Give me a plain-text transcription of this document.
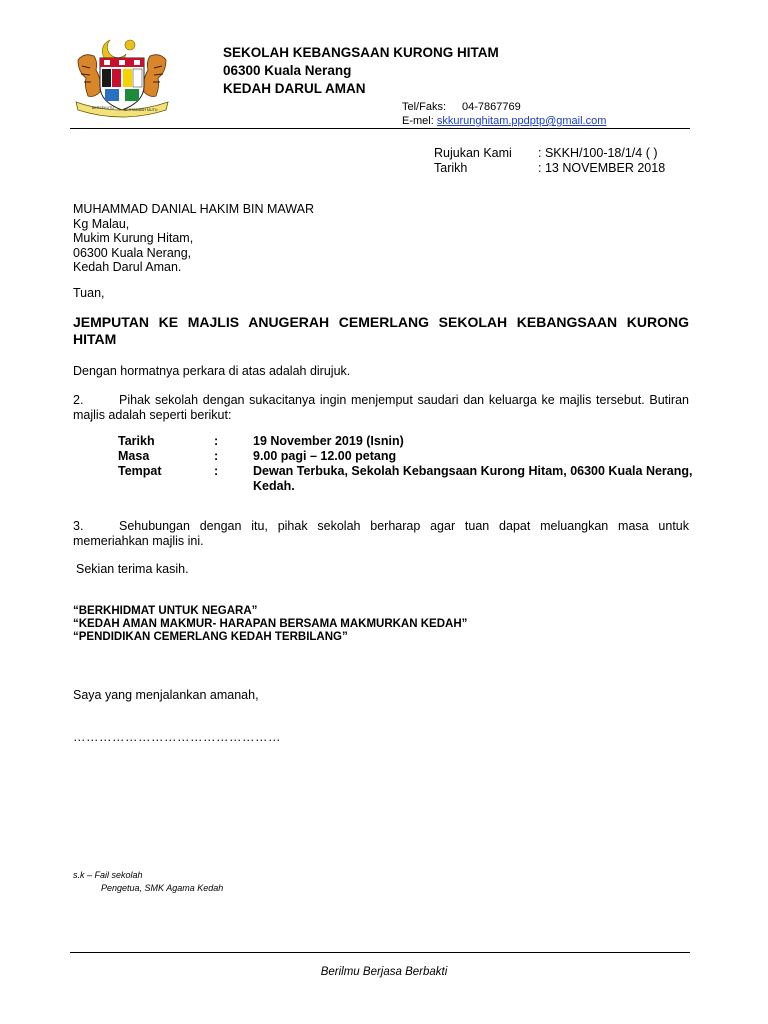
BERSEKUTU	BERTAMBAH MUTU
SEKOLAH KEBANGSAAN KURONG HITAM
06300 Kuala Nerang
KEDAH DARUL AMAN
Tel/Faks: 04-7867769
E-mel: skkurunghitam.ppdptp@gmail.com
Rujukan Kami : SKKH/100-18/1/4 ( )
Tarikh	: 13 NOVEMBER 2018
MUHAMMAD DANIAL HAKIM BIN MAWAR
Kg Malau,
Mukim Kurung Hitam,
06300 Kuala Nerang,
Kedah Darul Aman.
Tuan,
JEMPUTAN KE MAJLIS ANUGERAH CEMERLANG SEKOLAH KEBANGSAAN KURONG HITAM
Dengan hormatnya perkara di atas adalah dirujuk.
2.	Pihak sekolah dengan sukacitanya ingin menjemput saudari dan keluarga ke majlis tersebut. Butiran majlis adalah seperti berikut:
Tarikh	:	19 November 2019 (Isnin)
Masa	:	9.00 pagi – 12.00 petang
Tempat	:	Dewan Terbuka, Sekolah Kebangsaan Kurong Hitam, 06300 Kuala Nerang, Kedah.
3.	Sehubungan dengan itu, pihak sekolah berharap agar tuan dapat meluangkan masa untuk memeriahkan majlis ini.
Sekian terima kasih.
“BERKHIDMAT UNTUK NEGARA”
“KEDAH AMAN MAKMUR- HARAPAN BERSAMA MAKMURKAN KEDAH”
“PENDIDIKAN CEMERLANG KEDAH TERBILANG”
Saya yang menjalankan amanah,
…………………………………………
s.k – Fail sekolah
Pengetua, SMK Agama Kedah
Berilmu Berjasa Berbakti
